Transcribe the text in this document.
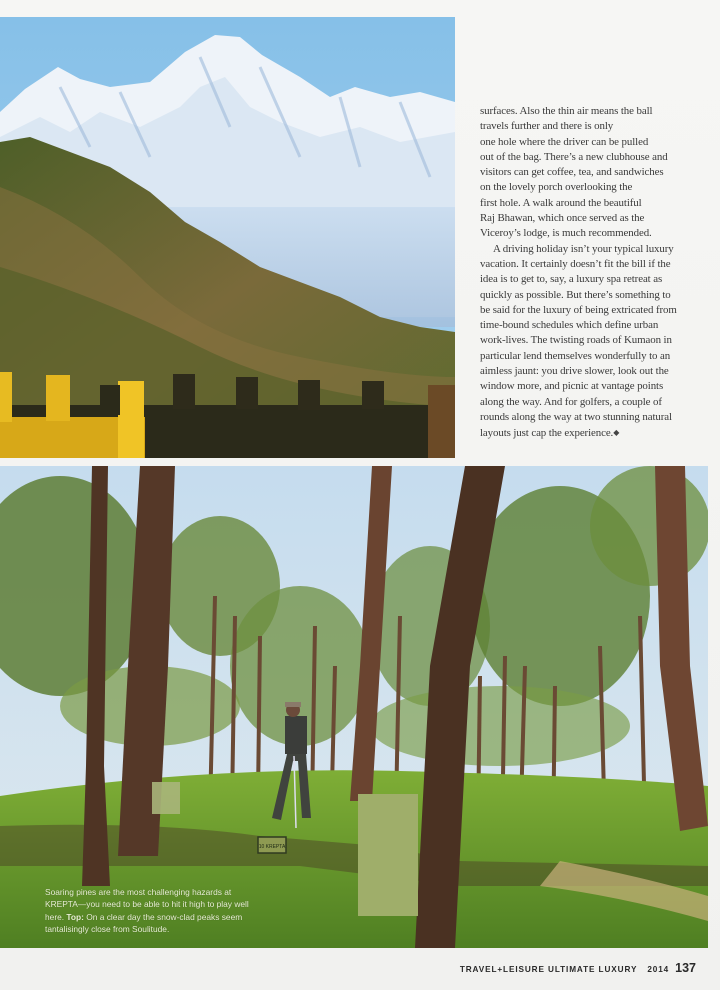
surfaces. Also the thin air means the ball
travels further and there is only
one hole where the driver can be pulled
out of the bag. There’s a new clubhouse and
visitors can get coffee, tea, and sandwiches
on the lovely porch overlooking the
first hole. A walk around the beautiful
Raj Bhawan, which once served as the
Viceroy’s lodge, is much recommended.

A driving holiday isn’t your typical luxury
vacation. It certainly doesn’t fit the bill if the
idea is to get to, say, a luxury spa retreat as
quickly as possible. But there’s something to
be said for the luxury of being extricated from
time-bound schedules which define urban
work-lives. The twisting roads of Kumaon in
particular lend themselves wonderfully to an
aimless jaunt: you drive slower, look out the
window more, and picnic at vantage points
along the way. And for golfers, a couple of
rounds along the way at two stunning natural
layouts just cap the experience.◆

10 KREPTA
Soaring pines are the most challenging hazards at KREPTA—you need to be able to hit it high to play well here. Top: On a clear day the snow-clad peaks seem tantalisingly close from Soulitude.
TRAVEL+LEISURE ULTIMATE LUXURY 2014 137
